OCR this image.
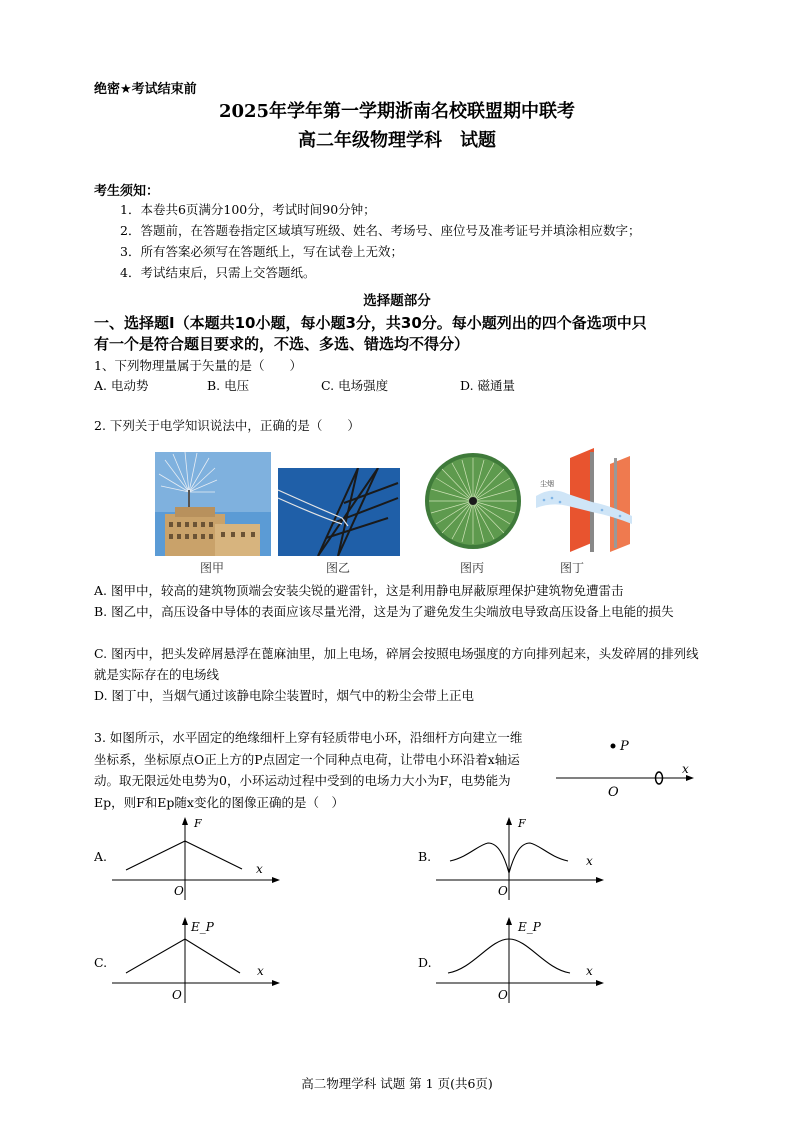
绝密★考试结束前
2025年学年第一学期浙南名校联盟期中联考
高二年级物理学科　试题
考生须知：
1．本卷共6页满分100分，考试时间90分钟；
2．答题前，在答题卷指定区域填写班级、姓名、考场号、座位号及准考证号并填涂相应数字；
3．所有答案必须写在答题纸上，写在试卷上无效；
4．考试结束后，只需上交答题纸。
选择题部分
一、选择题Ⅰ（本题共10小题，每小题3分，共30分。每小题列出的四个备选项中只
有一个是符合题目要求的，不选、多选、错选均不得分）
1、下列物理量属于矢量的是（　　）
A. 电动势	B. 电压	C. 电场强度	D. 磁通量
2. 下列关于电学知识说法中，正确的是（　　）
尘烟
A
图甲	图乙	图丙	图丁
A. 图甲中，较高的建筑物顶端会安装尖锐的避雷针，这是利用静电屏蔽原理保护建筑物免遭雷击
B. 图乙中，高压设备中导体的表面应该尽量光滑，这是为了避免发生尖端放电导致高压设备上电能的损失
C. 图丙中，把头发碎屑悬浮在蓖麻油里，加上电场，碎屑会按照电场强度的方向排列起来，头发碎屑的排列线就是实际存在的电场线
D. 图丁中，当烟气通过该静电除尘装置时，烟气中的粉尘会带上正电
3. 如图所示，水平固定的绝缘细杆上穿有轻质带电小环，沿细杆方向建立一维坐标系，坐标原点O正上方的P点固定一个同种点电荷，让带电小环沿着x轴运动。取无限远处电势为0，小环运动过程中受到的电场力大小为F，电势能为Ep，则F和Ep随x变化的图像正确的是（　）
P
x
O
A.
F
x
O
B.
F
x
O
C.
E_P
x
O
D.
E_P
x
O
高二物理学科 试题 第 1 页(共6页)
